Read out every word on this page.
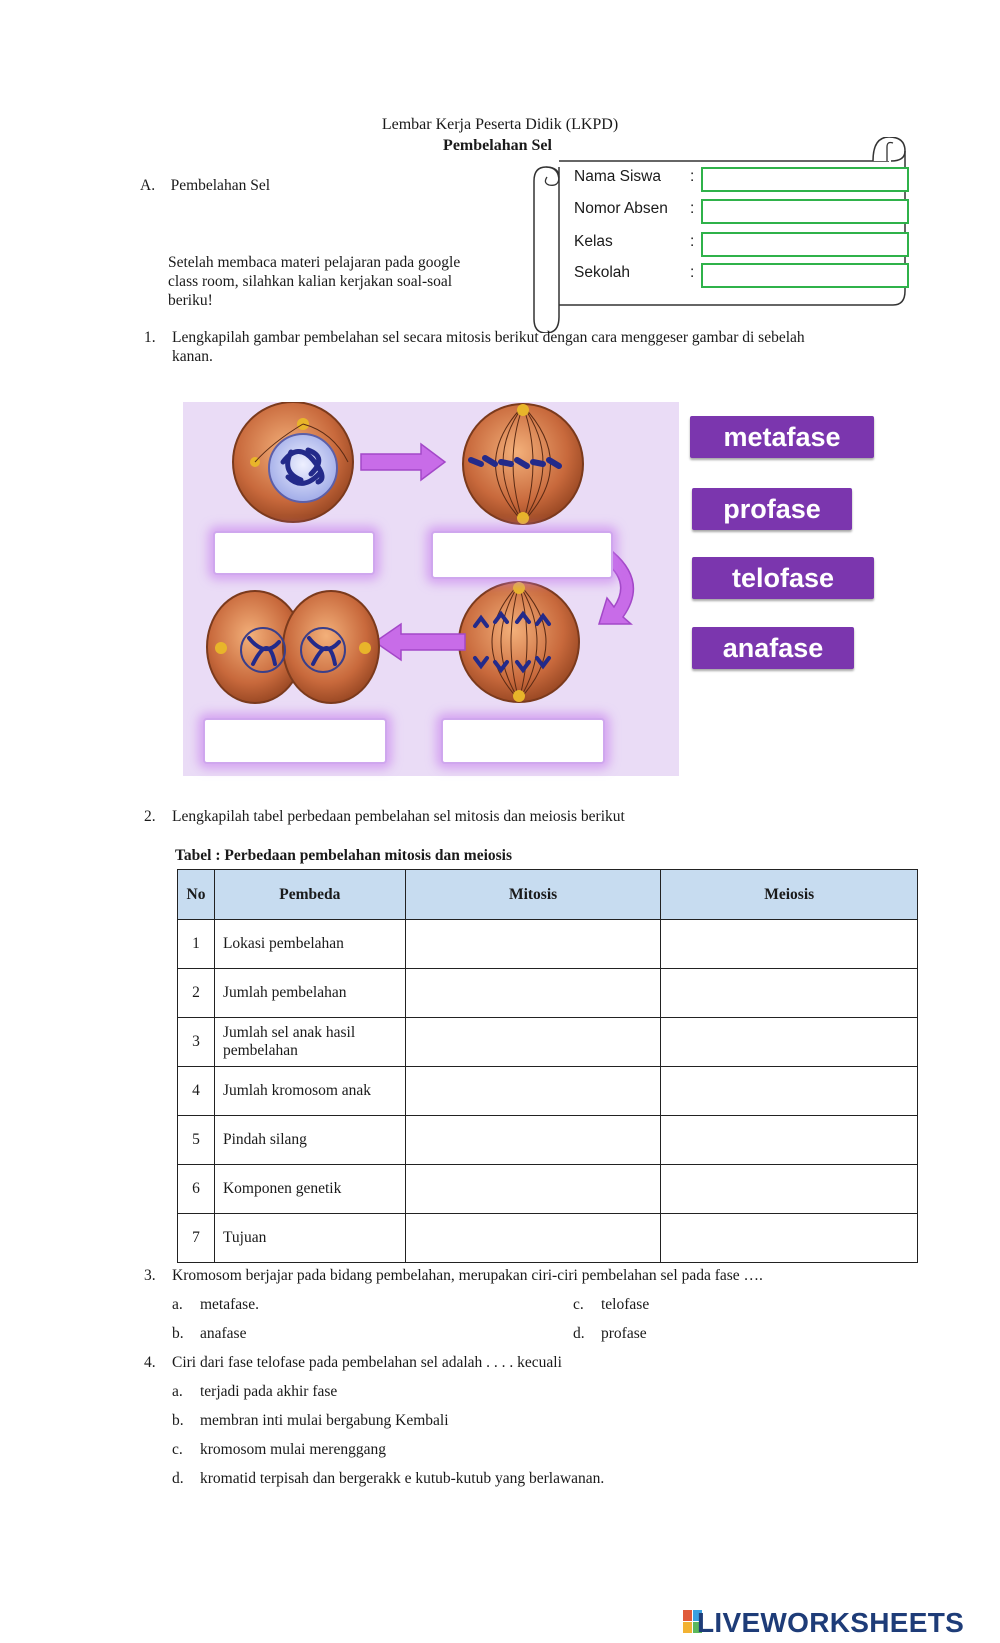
Lembar Kerja Peserta Didik (LKPD)
Pembelahan Sel
A. Pembelahan Sel
Setelah membaca materi pelajaran pada google
class room, silahkan kalian kerjakan soal-soal
beriku!
Nama Siswa :
Nomor Absen :
Kelas	:
Sekolah	:
1. Lengkapilah gambar pembelahan sel secara mitosis berikut dengan cara menggeser gambar di sebelah
kanan.
metafase
profase
telofase
anafase
2. Lengkapilah tabel perbedaan pembelahan sel mitosis dan meiosis berikut
Tabel : Perbedaan pembelahan mitosis dan meiosis
No	Pembeda	Mitosis	Meiosis
1	Lokasi pembelahan		
2	Jumlah pembelahan		
3	Jumlah sel anak hasil pembelahan		
4	Jumlah kromosom anak		
5	Pindah silang		
6	Komponen genetik		
7	Tujuan		
3. Kromosom berjajar pada bidang pembelahan, merupakan ciri-ciri pembelahan sel pada fase ….
a. metafase.	c. telofase
b. anafase	d. profase
4. Ciri dari fase telofase pada pembelahan sel adalah . . . . kecuali
a. terjadi pada akhir fase
b. membran inti mulai bergabung Kembali
c. kromosom mulai merenggang
d. kromatid terpisah dan bergerakk e kutub-kutub yang berlawanan.
LIVEWORKSHEETS
